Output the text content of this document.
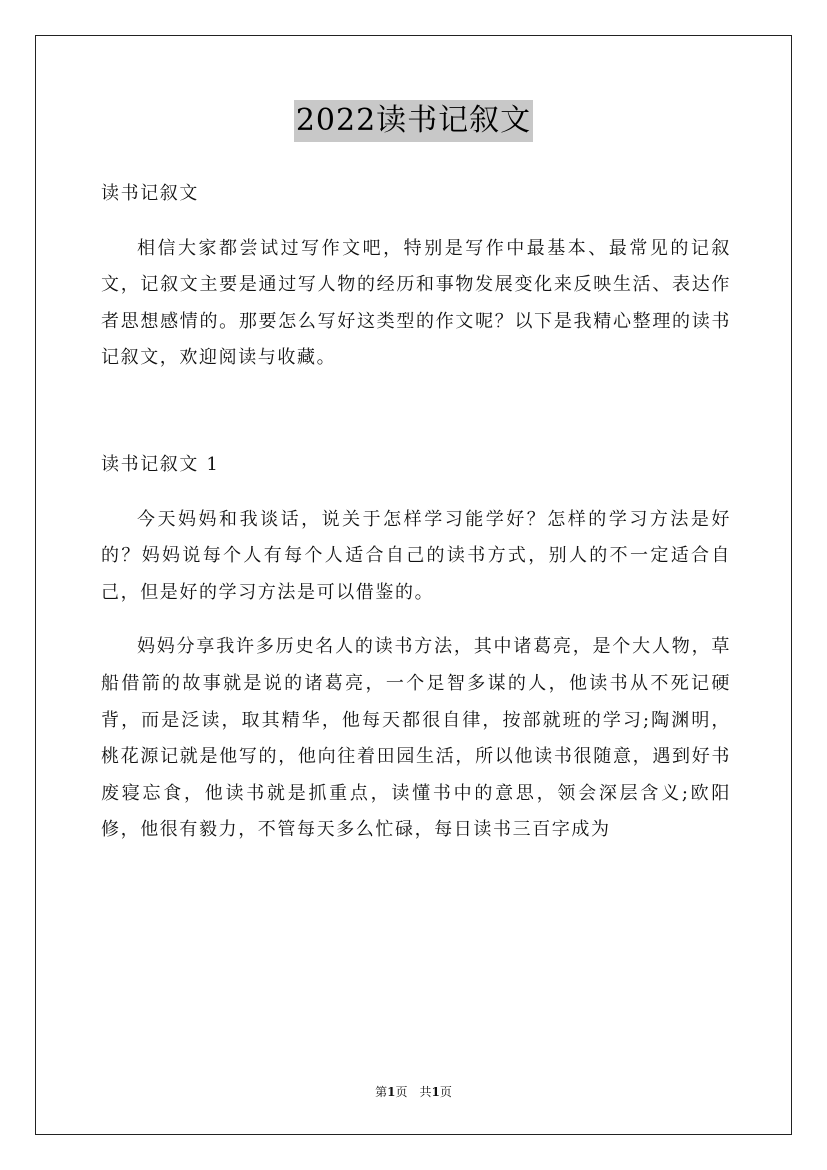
2022读书记叙文

读书记叙文

相信大家都尝试过写作文吧，特别是写作中最基本、最常见的记叙文，记叙文主要是通过写人物的经历和事物发展变化来反映生活、表达作者思想感情的。那要怎么写好这类型的作文呢？以下是我精心整理的读书记叙文，欢迎阅读与收藏。

读书记叙文 1

今天妈妈和我谈话，说关于怎样学习能学好？怎样的学习方法是好的？妈妈说每个人有每个人适合自己的读书方式，别人的不一定适合自己，但是好的学习方法是可以借鉴的。

妈妈分享我许多历史名人的读书方法，其中诸葛亮，是个大人物，草船借箭的故事就是说的诸葛亮，一个足智多谋的人，他读书从不死记硬背，而是泛读，取其精华，他每天都很自律，按部就班的学习;陶渊明，桃花源记就是他写的，他向往着田园生活，所以他读书很随意，遇到好书废寝忘食，他读书就是抓重点，读懂书中的意思，领会深层含义;欧阳修，他很有毅力，不管每天多么忙碌，每日读书三百字成为

第1页　共1页
